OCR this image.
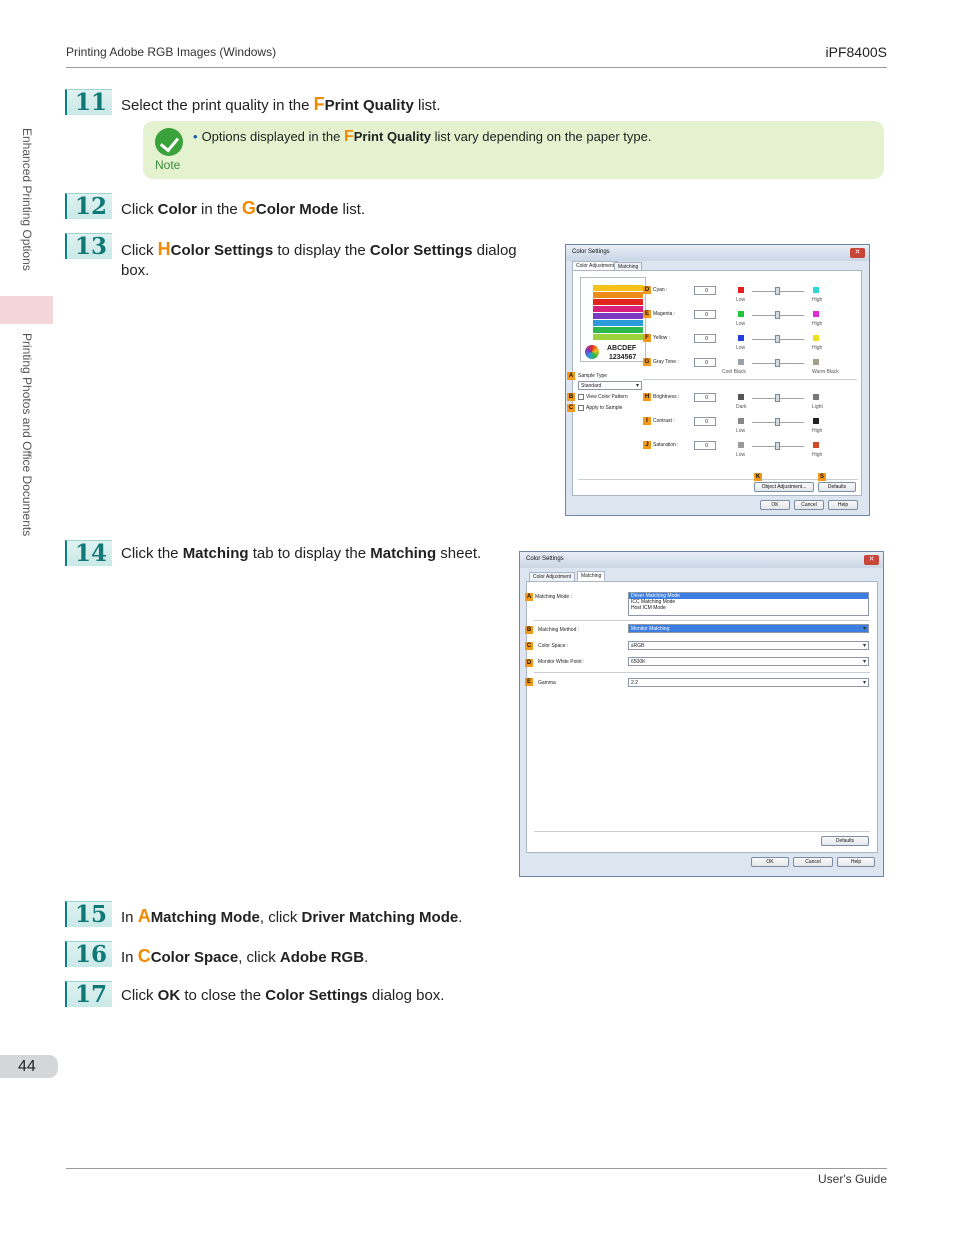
Printing Adobe RGB Images (Windows)	iPF8400S
Enhanced Printing Options
Printing Photos and Office Documents
11 Select the print quality in the FPrint Quality list.
Note
• Options displayed in the FPrint Quality list vary depending on the paper type.
12 Click Color in the GColor Mode list.
13 Click HColor Settings to display the Color Settings dialog
box.
Color Settings	✕
Color Adjustment Matching
ABCDEF
1234567
A Sample Type
Standard ▾
B	View Color Pattern
C	Apply to Sample
D Cyan :	0
Low	High
E Magenta :	0
Low	High
F Yellow :	0
Low	High
G Gray Tone :	0
Cool Black	Warm Black
H Brightness :	0
Dark	Light
I	Contrast :	0
Low	High
J Saturation :	0
Low	High
K
Object Adjustment...
S
Defaults
OK	Cancel	Help
14 Click the Matching tab to display the Matching sheet.	Color Settings	✕
Color Adjustment	Matching
A Matching Mode :	Driver Matching Mode
ICC Matching Mode
Host ICM Mode
B	Matching Method :	Monitor Matching ▾
C	Color Space :	sRGB ▾
D	Monitor White Point :	6500K ▾
E	Gamma	2.2 ▾
Defaults
OK	Cancel	Help
15 In AMatching Mode, click Driver Matching Mode.
16 In CColor Space, click Adobe RGB.
17 Click OK to close the Color Settings dialog box.
44
User's Guide
